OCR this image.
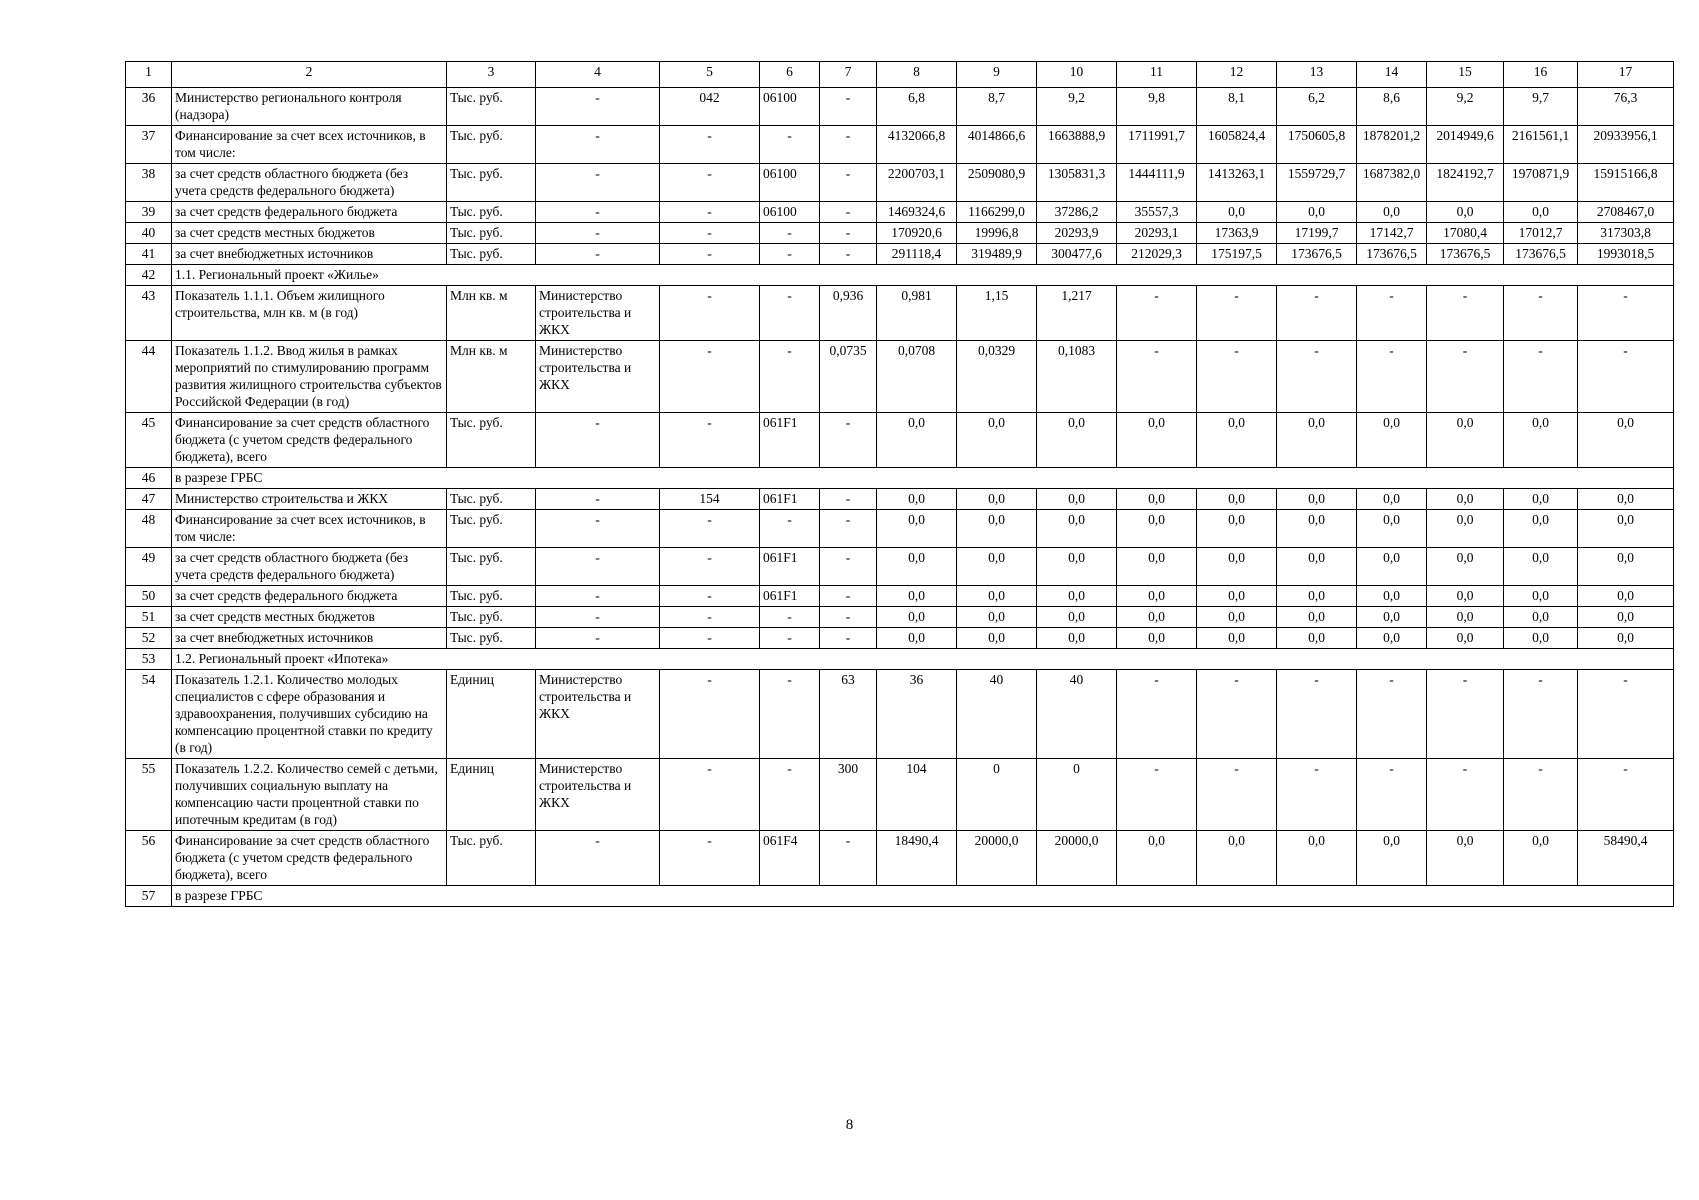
1	2	3	4	5	6	7	8	9	10	11	12	13	14	15	16	17
36	Министерство регионального контроля (надзора)	Тыс. руб.	-	042	06100	-	6,8	8,7	9,2	9,8	8,1	6,2	8,6	9,2	9,7	76,3
37	Финансирование за счет всех источников, в том числе:	Тыс. руб.	-	-	-	-	4132066,8	4014866,6	1663888,9	1711991,7	1605824,4	1750605,8	1878201,2	2014949,6	2161561,1	20933956,1
38	за счет средств областного бюджета (без учета средств федерального бюджета)	Тыс. руб.	-	-	06100	-	2200703,1	2509080,9	1305831,3	1444111,9	1413263,1	1559729,7	1687382,0	1824192,7	1970871,9	15915166,8
39	за счет средств федерального бюджета	Тыс. руб.	-	-	06100	-	1469324,6	1166299,0	37286,2	35557,3	0,0	0,0	0,0	0,0	0,0	2708467,0
40	за счет средств местных бюджетов	Тыс. руб.	-	-	-	-	170920,6	19996,8	20293,9	20293,1	17363,9	17199,7	17142,7	17080,4	17012,7	317303,8
41	за счет внебюджетных источников	Тыс. руб.	-	-	-	-	291118,4	319489,9	300477,6	212029,3	175197,5	173676,5	173676,5	173676,5	173676,5	1993018,5
42	1.1. Региональный проект «Жилье»															
43	Показатель 1.1.1. Объем жилищного строительства, млн кв. м (в год)	Млн кв. м	Министерство строительства и ЖКХ	-	-	0,936	0,981	1,15	1,217	-	-	-	-	-	-	-
44	Показатель 1.1.2. Ввод жилья в рамках мероприятий по стимулированию программ развития жилищного строительства субъектов Российской Федерации (в год)	Млн кв. м	Министерство строительства и ЖКХ	-	-	0,0735	0,0708	0,0329	0,1083	-	-	-	-	-	-	-
45	Финансирование за счет средств областного бюджета (с учетом средств федерального бюджета), всего	Тыс. руб.	-	-	061F1	-	0,0	0,0	0,0	0,0	0,0	0,0	0,0	0,0	0,0	0,0
46	в разрезе ГРБС															
47	Министерство строительства и ЖКХ	Тыс. руб.	-	154	061F1	-	0,0	0,0	0,0	0,0	0,0	0,0	0,0	0,0	0,0	0,0
48	Финансирование за счет всех источников, в том числе:	Тыс. руб.	-	-	-	-	0,0	0,0	0,0	0,0	0,0	0,0	0,0	0,0	0,0	0,0
49	за счет средств областного бюджета (без учета средств федерального бюджета)	Тыс. руб.	-	-	061F1	-	0,0	0,0	0,0	0,0	0,0	0,0	0,0	0,0	0,0	0,0
50	за счет средств федерального бюджета	Тыс. руб.	-	-	061F1	-	0,0	0,0	0,0	0,0	0,0	0,0	0,0	0,0	0,0	0,0
51	за счет средств местных бюджетов	Тыс. руб.	-	-	-	-	0,0	0,0	0,0	0,0	0,0	0,0	0,0	0,0	0,0	0,0
52	за счет внебюджетных источников	Тыс. руб.	-	-	-	-	0,0	0,0	0,0	0,0	0,0	0,0	0,0	0,0	0,0	0,0
53	1.2. Региональный проект «Ипотека»															
54	Показатель 1.2.1. Количество молодых специалистов с сфере образования и здравоохранения, получивших субсидию на компенсацию процентной ставки по кредиту (в год)	Единиц	Министерство строительства и ЖКХ	-	-	63	36	40	40	-	-	-	-	-	-	-
55	Показатель 1.2.2. Количество семей с детьми, получивших социальную выплату на компенсацию части процентной ставки по ипотечным кредитам (в год)	Единиц	Министерство строительства и ЖКХ	-	-	300	104	0	0	-	-	-	-	-	-	-
56	Финансирование за счет средств областного бюджета (с учетом средств федерального бюджета), всего	Тыс. руб.	-	-	061F4	-	18490,4	20000,0	20000,0	0,0	0,0	0,0	0,0	0,0	0,0	58490,4
57	в разрезе ГРБС															
8
